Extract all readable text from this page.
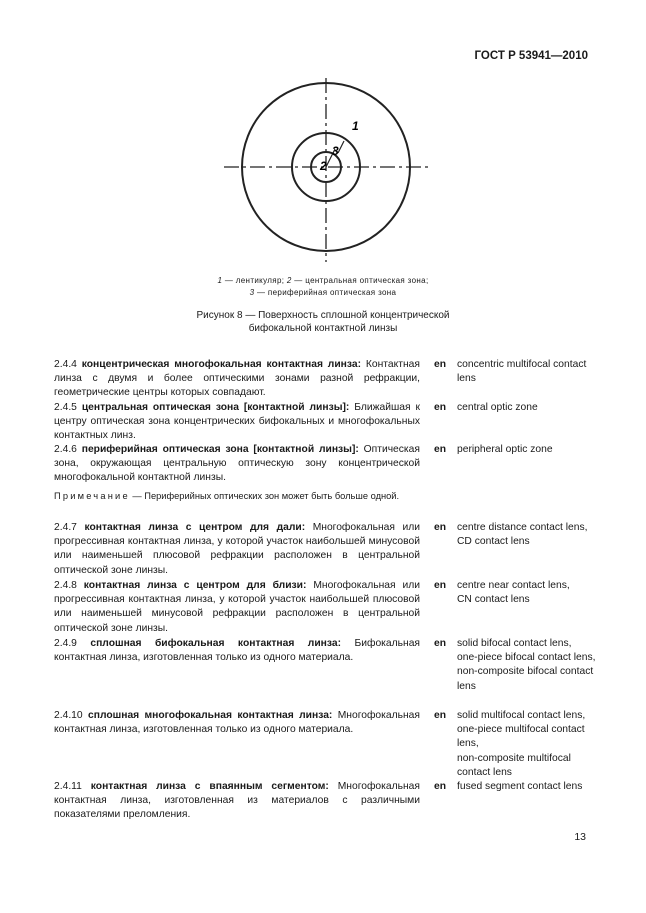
ГОСТ Р 53941—2010
1
2
3
1 — лентикуляр; 2 — центральная оптическая зона;
3 — периферийная оптическая зона
Рисунок 8 — Поверхность сплошной концентрической
бифокальной контактной линзы
2.4.4 концентрическая многофокальная контактная линза: Контактная линза с двумя и более оптическими зонами разной рефракции, геометрические центры которых совпадают.
en concentric multifocal contact lens
2.4.5 центральная оптическая зона [контактной линзы]: Ближайшая к центру оптическая зона концентрических бифокальных и многофокальных контактных линз.
en central optic zone
2.4.6 периферийная оптическая зона [контактной линзы]: Оптическая зона, окружающая центральную оптическую зону концентрической многофокальной контактной линзы.
en peripheral optic zone
Примечание — Периферийных оптических зон может быть больше одной.
2.4.7 контактная линза с центром для дали: Многофокальная или прогрессивная контактная линза, у которой участок наибольшей минусовой или наименьшей плюсовой рефракции расположен в центральной оптической зоне линзы.
en centre distance contact lens,
CD contact lens
2.4.8 контактная линза с центром для близи: Многофокальная или прогрессивная контактная линза, у которой участок наибольшей плюсовой или наименьшей минусовой рефракции расположен в центральной оптической зоне линзы.
en centre near contact lens,
CN contact lens
2.4.9 сплошная бифокальная контактная линза: Бифокальная контактная линза, изготовленная только из одного материала.
en solid bifocal contact lens,
one-piece bifocal contact lens,
non-composite bifocal contact lens
2.4.10 сплошная многофокальная контактная линза: Многофокальная контактная линза, изготовленная только из одного материала.
en solid multifocal contact lens,
one-piece multifocal contact lens,
non-composite multifocal contact lens
2.4.11 контактная линза с впаянным сегментом: Многофокальная контактная линза, изготовленная из материалов с различными показателями преломления.
en fused segment contact lens
13
